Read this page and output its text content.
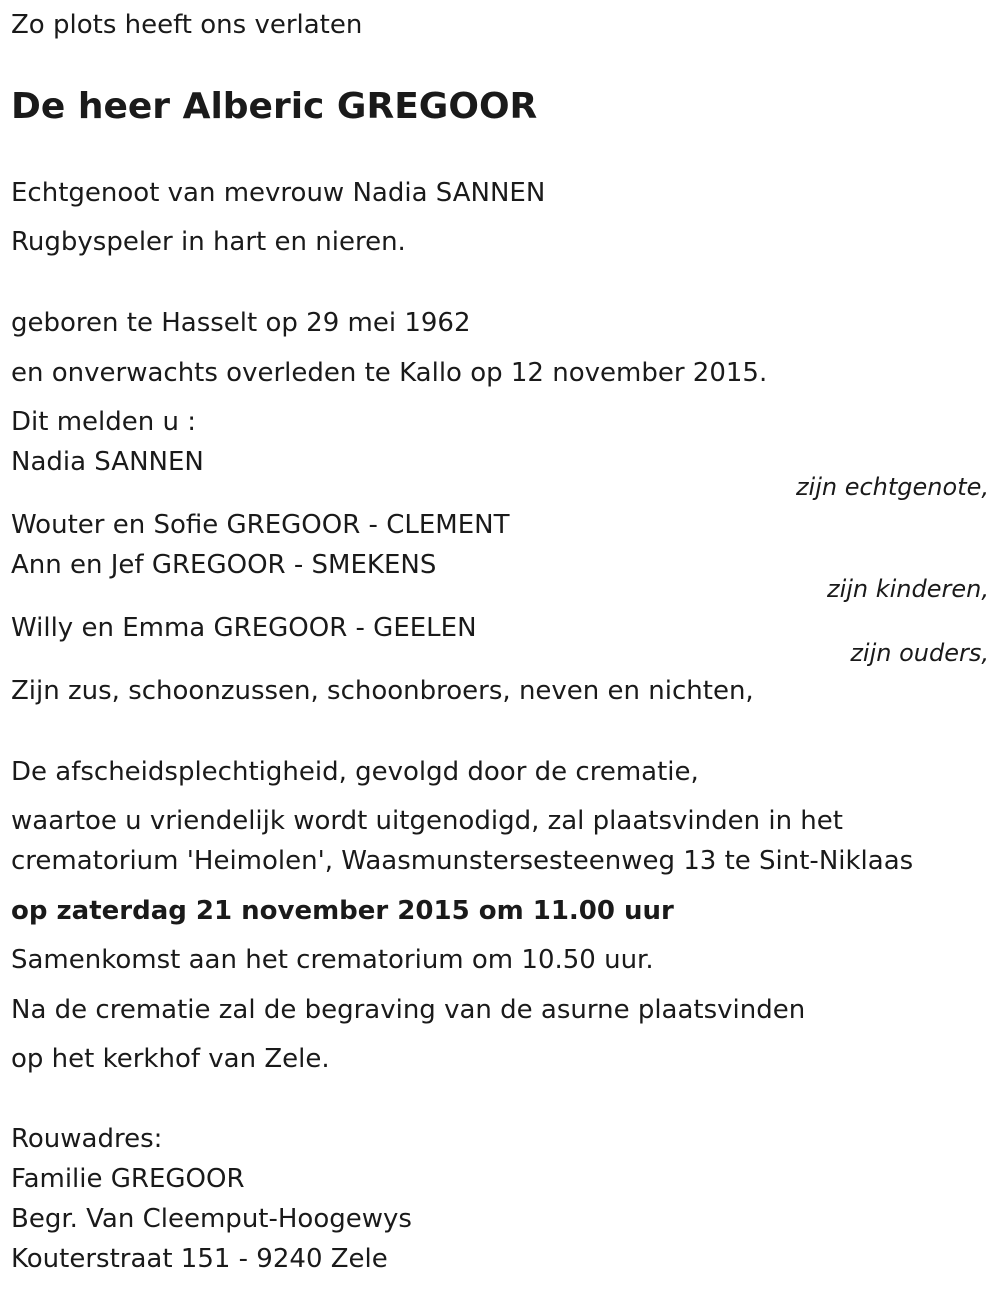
Zo plots heeft ons verlaten
De heer Alberic GREGOOR
Echtgenoot van mevrouw Nadia SANNEN
Rugbyspeler in hart en nieren.
geboren te Hasselt op 29 mei 1962
en onverwachts overleden te Kallo op 12 november 2015.
Dit melden u :
Nadia SANNEN
zijn echtgenote,
Wouter en Sofie GREGOOR - CLEMENT
Ann en Jef GREGOOR - SMEKENS
zijn kinderen,
Willy en Emma GREGOOR - GEELEN
zijn ouders,
Zijn zus, schoonzussen, schoonbroers, neven en nichten,
De afscheidsplechtigheid, gevolgd door de crematie,
waartoe u vriendelijk wordt uitgenodigd, zal plaatsvinden in het
crematorium 'Heimolen', Waasmunstersesteenweg 13 te Sint-Niklaas
op zaterdag 21 november 2015 om 11.00 uur
Samenkomst aan het crematorium om 10.50 uur.
Na de crematie zal de begraving van de asurne plaatsvinden
op het kerkhof van Zele.
Rouwadres:
Familie GREGOOR
Begr. Van Cleemput-Hoogewys
Kouterstraat 151 - 9240 Zele
